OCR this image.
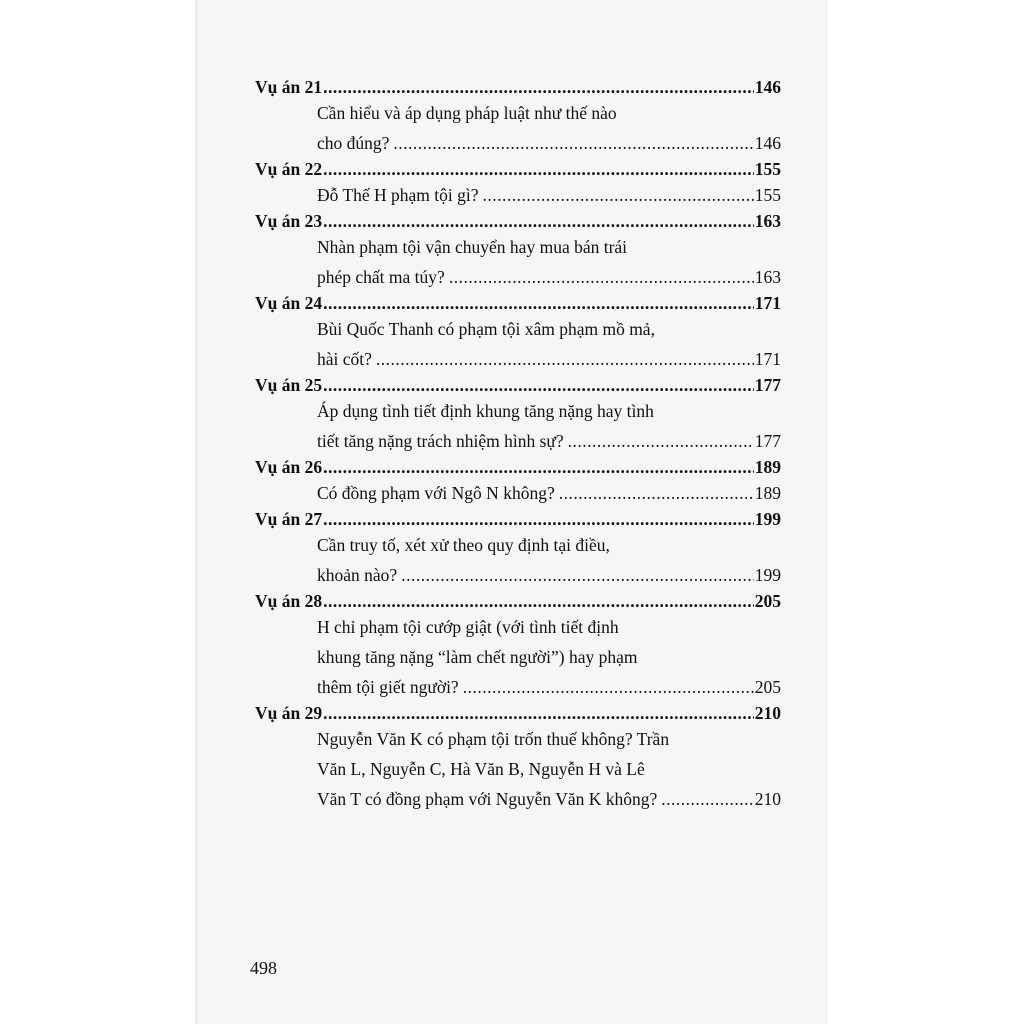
Vụ án 21 .....	146
Cần hiểu và áp dụng pháp luật như thế nào
cho đúng? .....	146
Vụ án 22 .....	155
Đỗ Thế H phạm tội gì? .....	155
Vụ án 23 .....	163
Nhàn phạm tội vận chuyển hay mua bán trái
phép chất ma túy? .....	163
Vụ án 24 .....	171
Bùi Quốc Thanh có phạm tội xâm phạm mồ mả,
hài cốt? .....	171
Vụ án 25 .....	177
Áp dụng tình tiết định khung tăng nặng hay tình
tiết tăng nặng trách nhiệm hình sự? .....	177
Vụ án 26 .....	189
Có đồng phạm với Ngô N không? .....	189
Vụ án 27 .....	199
Cần truy tố, xét xử theo quy định tại điều,
khoản nào? .....	199
Vụ án 28 .....	205
H chỉ phạm tội cướp giật (với tình tiết định
khung tăng nặng “làm chết người”) hay phạm
thêm tội giết người? .....	205
Vụ án 29 .....	210
Nguyễn Văn K có phạm tội trốn thuế không? Trần
Văn L, Nguyễn C, Hà Văn B, Nguyễn H và Lê
Văn T có đồng phạm với Nguyễn Văn K không? .....	210
498
